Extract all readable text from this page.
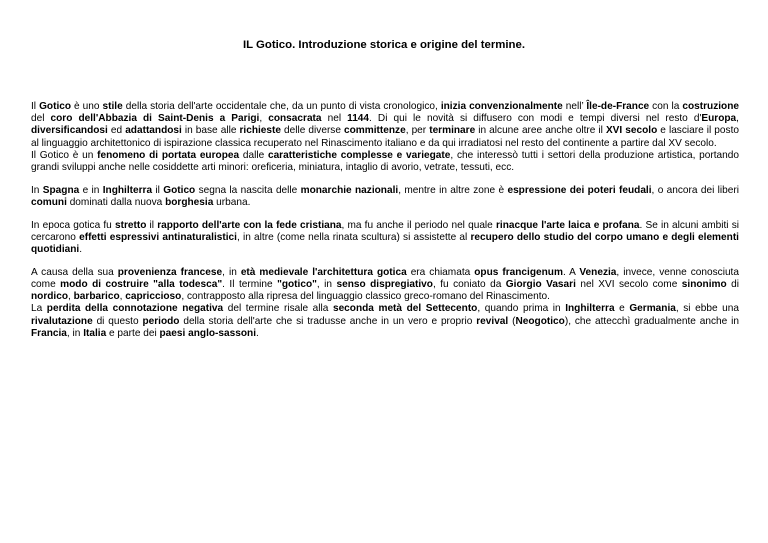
IL Gotico. Introduzione storica e origine del termine.

Il Gotico è uno stile della storia dell'arte occidentale che, da un punto di vista cronologico, inizia convenzionalmente nell’ Île-de-France con la costruzione del coro dell'Abbazia di Saint-Denis a Parigi, consacrata nel 1144. Di qui le novità si diffusero con modi e tempi diversi nel resto d'Europa, diversificandosi ed adattandosi in base alle richieste delle diverse committenze, per terminare in alcune aree anche oltre il XVI secolo e lasciare il posto al linguaggio architettonico di ispirazione classica recuperato nel Rinascimento italiano e da qui irradiatosi nel resto del continente a partire dal XV secolo.

Il Gotico è un fenomeno di portata europea dalle caratteristiche complesse e variegate, che interessò tutti i settori della produzione artistica, portando grandi sviluppi anche nelle cosiddette arti minori: oreficeria, miniatura, intaglio di avorio, vetrate, tessuti, ecc.

In Spagna e in Inghilterra il Gotico segna la nascita delle monarchie nazionali, mentre in altre zone è espressione dei poteri feudali, o ancora dei liberi comuni dominati dalla nuova borghesia urbana.

In epoca gotica fu stretto il rapporto dell'arte con la fede cristiana, ma fu anche il periodo nel quale rinacque l'arte laica e profana. Se in alcuni ambiti si cercarono effetti espressivi antinaturalistici, in altre (come nella rinata scultura) si assistette al recupero dello studio del corpo umano e degli elementi quotidiani.

A causa della sua provenienza francese, in età medievale l'architettura gotica era chiamata opus francigenum. A Venezia, invece, venne conosciuta come modo di costruire "alla todesca". Il termine "gotico", in senso dispregiativo, fu coniato da Giorgio Vasari nel XVI secolo come sinonimo di nordico, barbarico, capriccioso, contrapposto alla ripresa del linguaggio classico greco-romano del Rinascimento.

La perdita della connotazione negativa del termine risale alla seconda metà del Settecento, quando prima in Inghilterra e Germania, si ebbe una rivalutazione di questo periodo della storia dell'arte che si tradusse anche in un vero e proprio revival (Neogotico), che attecchì gradualmente anche in Francia, in Italia e parte dei paesi anglo-sassoni.
